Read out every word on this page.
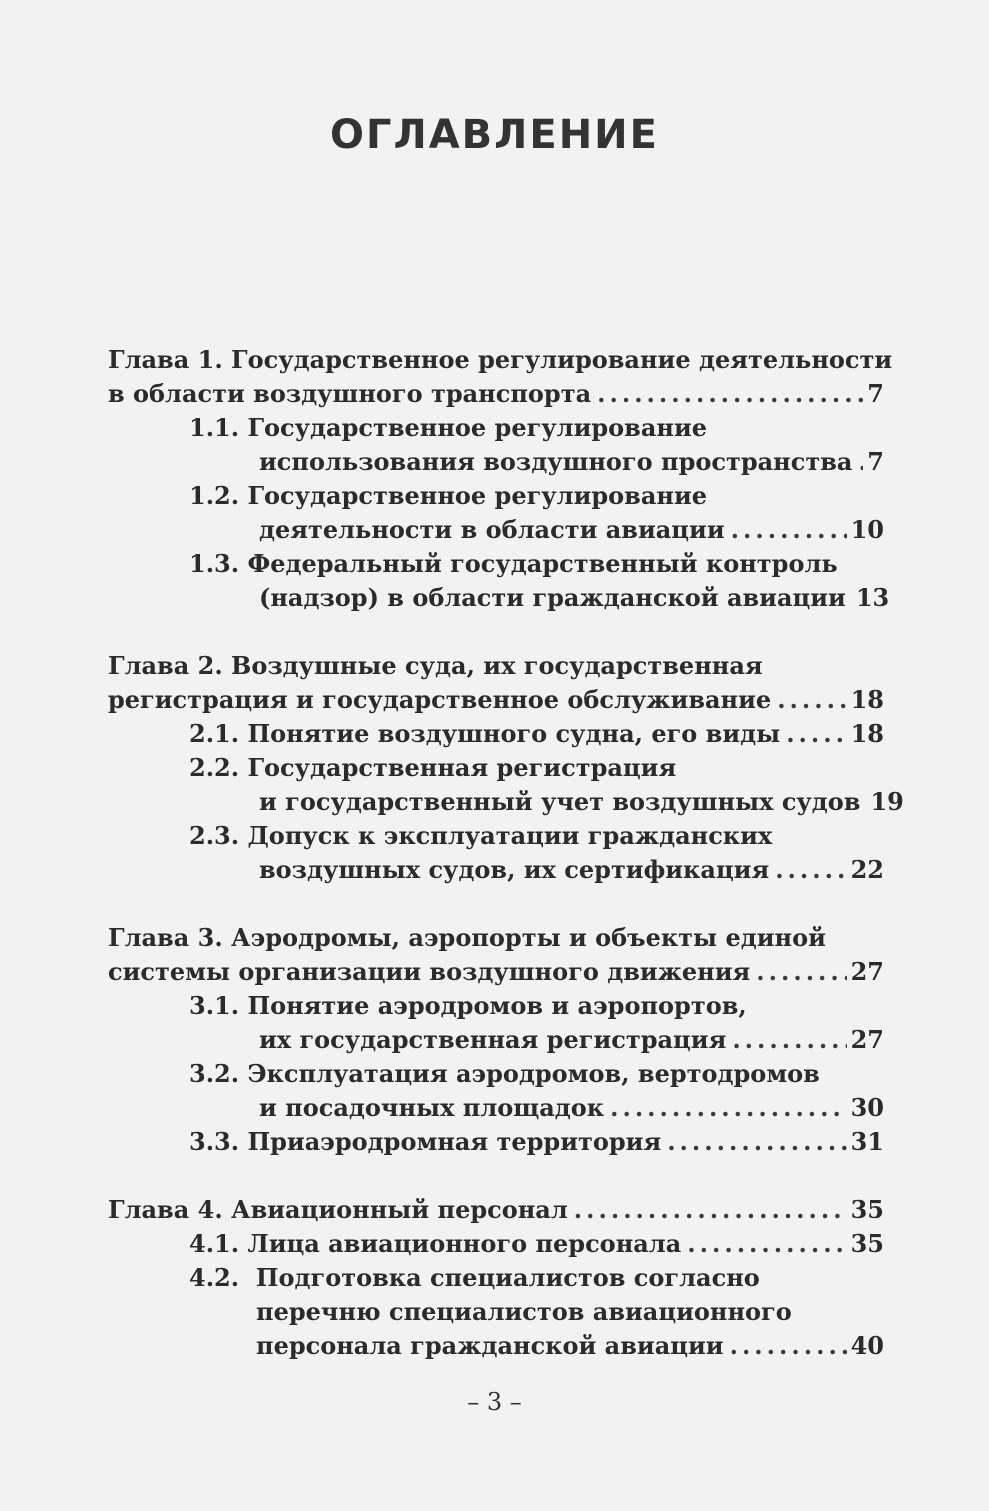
ОГЛАВЛЕНИЕ
Глава 1. Государственное регулирование деятельности
в области воздушного транспорта .....	7
1.1. Государственное регулирование
использования воздушного пространства ..... 7
1.2. Государственное регулирование
деятельности в области авиации .....	10
1.3. Федеральный государственный контроль
(надзор) в области гражданской авиации 13
Глава 2. Воздушные суда, их государственная
регистрация и государственное обслуживание .....	18
2.1. Понятие воздушного судна, его виды .....	18
2.2. Государственная регистрация
и государственный учет воздушных судов 19
2.3. Допуск к эксплуатации гражданских
воздушных судов, их сертификация .....	22
Глава 3. Аэродромы, аэропорты и объекты единой
системы организации воздушного движения .....	27
3.1. Понятие аэродромов и аэропортов,
их государственная регистрация .....	27
3.2. Эксплуатация аэродромов, вертодромов
и посадочных площадок .....	30
3.3. Приаэродромная территория .....	31
Глава 4. Авиационный персонал .....	35
4.1. Лица авиационного персонала .....	35
4.2.  Подготовка специалистов согласно
перечню специалистов авиационного
персонала гражданской авиации .....	40
– 3 –
